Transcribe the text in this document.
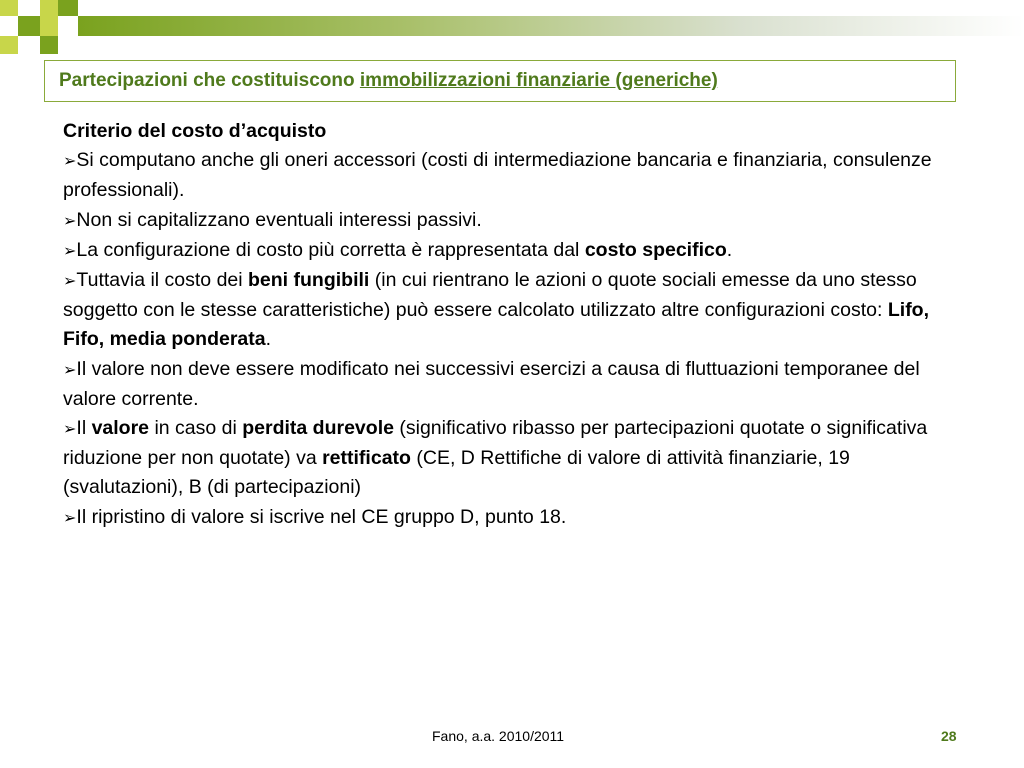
Partecipazioni che costituiscono immobilizzazioni finanziarie (generiche)
Criterio del costo d’acquisto

➢Si computano anche gli oneri accessori (costi di intermediazione bancaria e finanziaria, consulenze professionali).

➢Non si capitalizzano eventuali interessi passivi.

➢La configurazione di costo più corretta è rappresentata dal costo specifico.

➢Tuttavia il costo dei beni fungibili (in cui rientrano le azioni o quote sociali emesse da uno stesso soggetto con le stesse caratteristiche) può essere calcolato utilizzato altre configurazioni costo: Lifo, Fifo, media ponderata.

➢Il valore non deve essere modificato nei successivi esercizi a causa di fluttuazioni temporanee del valore corrente.

➢Il valore in caso di perdita durevole (significativo ribasso per partecipazioni quotate o significativa riduzione per non quotate) va rettificato (CE, D Rettifiche di valore di attività finanziarie, 19 (svalutazioni), B (di partecipazioni)

➢Il ripristino di valore si iscrive nel CE gruppo D, punto 18.

Fano, a.a. 2010/2011	28
